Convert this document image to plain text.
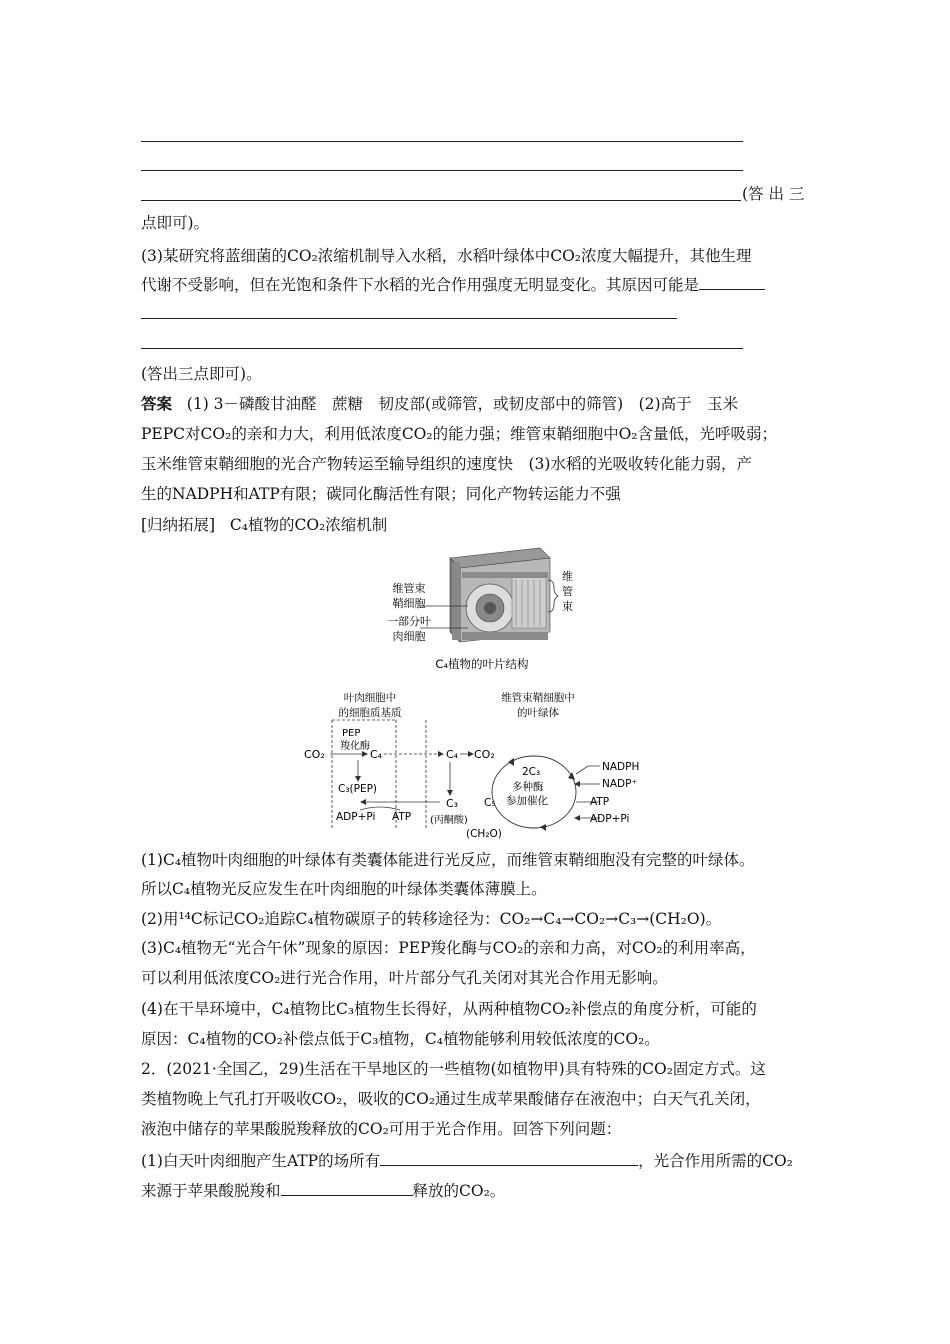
(答 出 三
点即可)。
(3)某研究将蓝细菌的CO₂浓缩机制导入水稻，水稻叶绿体中CO₂浓度大幅提升，其他生理
代谢不受影响，但在光饱和条件下水稻的光合作用强度无明显变化。其原因可能是
(答出三点即可)。
答案 (1) 3－磷酸甘油醛　蔗糖　韧皮部(或筛管，或韧皮部中的筛管)　(2)高于　玉米
PEPC对CO₂的亲和力大，利用低浓度CO₂的能力强；维管束鞘细胞中O₂含量低，光呼吸弱；
玉米维管束鞘细胞的光合产物转运至输导组织的速度快　(3)水稻的光吸收转化能力弱，产
生的NADPH和ATP有限；碳同化酶活性有限；同化产物转运能力不强
[归纳拓展] C₄植物的CO₂浓缩机制
维管束
鞘细胞
一部分叶
肉细胞
维
管
束
C₄植物的叶片结构
叶肉细胞中
的细胞质基质
维管束鞘细胞中
的叶绿体
CO₂
PEP
羧化酶
C₄	C₄ CO₂
C₃(PEP)
C₃
(丙酮酸)
ADP+Pi ATP
2C₃
多种酶
C₅ 参加催化
(CH₂O)
NADPH
NADP⁺
ATP
ADP+Pi
(1)C₄植物叶肉细胞的叶绿体有类囊体能进行光反应，而维管束鞘细胞没有完整的叶绿体。
所以C₄植物光反应发生在叶肉细胞的叶绿体类囊体薄膜上。
(2)用¹⁴C标记CO₂追踪C₄植物碳原子的转移途径为：CO₂→C₄→CO₂→C₃→(CH₂O)。
(3)C₄植物无“光合午休”现象的原因：PEP羧化酶与CO₂的亲和力高，对CO₂的利用率高，
可以利用低浓度CO₂进行光合作用，叶片部分气孔关闭对其光合作用无影响。
(4)在干旱环境中，C₄植物比C₃植物生长得好，从两种植物CO₂补偿点的角度分析，可能的
原因：C₄植物的CO₂补偿点低于C₃植物，C₄植物能够利用较低浓度的CO₂。
2．(2021·全国乙，29)生活在干旱地区的一些植物(如植物甲)具有特殊的CO₂固定方式。这
类植物晚上气孔打开吸收CO₂，吸收的CO₂通过生成苹果酸储存在液泡中；白天气孔关闭，
液泡中储存的苹果酸脱羧释放的CO₂可用于光合作用。回答下列问题：
(1)白天叶肉细胞产生ATP的场所有	，光合作用所需的CO₂
来源于苹果酸脱羧和	释放的CO₂。
